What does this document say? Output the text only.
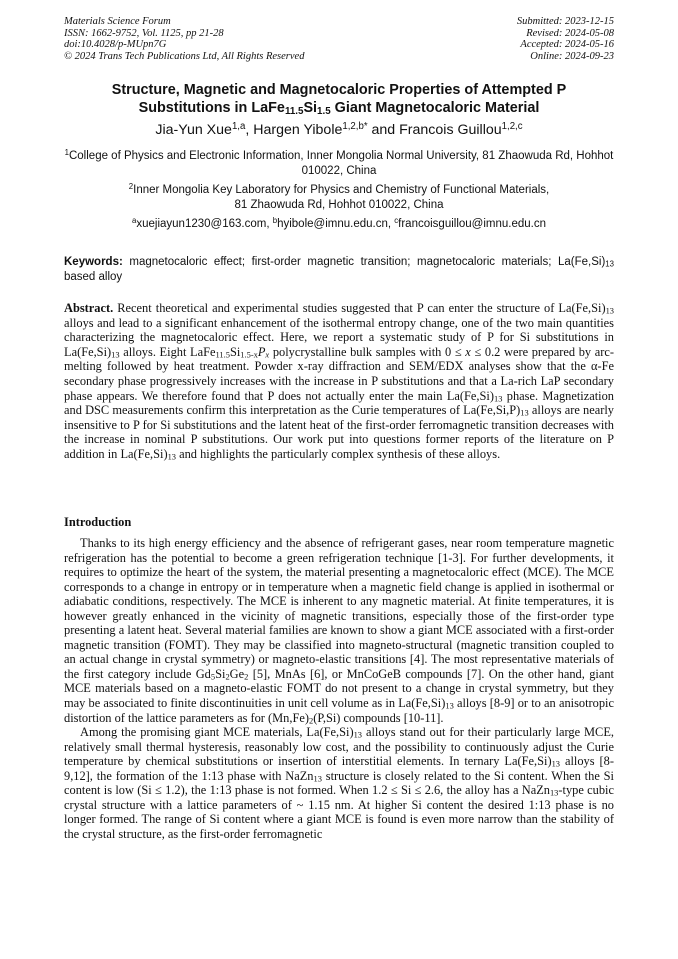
Materials Science Forum
ISSN: 1662-9752, Vol. 1125, pp 21-28
doi:10.4028/p-MUpn7G
© 2024 Trans Tech Publications Ltd, All Rights Reserved
Submitted: 2023-12-15
Revised: 2024-05-08
Accepted: 2024-05-16
Online: 2024-09-23
Structure, Magnetic and Magnetocaloric Properties of Attempted P
Substitutions in $LaFe_{11.5}Si_{1.5}$ Giant Magnetocaloric Material
Jia-Yun Xue$^{1,a}$, Hargen Yibole$^{1,2,b*}$ and Francois Guillou$^{1,2,c}$
$^1$College of Physics and Electronic Information, Inner Mongolia Normal University, 81 Zhaowuda Rd, Hohhot 010022, China
$^2$Inner Mongolia Key Laboratory for Physics and Chemistry of Functional Materials,
81 Zhaowuda Rd, Hohhot 010022, China
$^a$xuejiayun1230@163.com, $^b$hyibole@imnu.edu.cn, $^c$francoisguillou@imnu.edu.cn
Keywords: magnetocaloric effect; first-order magnetic transition; magnetocaloric materials; $La(Fe,Si)_{13}$ based alloy
Abstract. Recent theoretical and experimental studies suggested that P can enter the structure of $La(Fe,Si)_{13}$ alloys and lead to a significant enhancement of the isothermal entropy change, one of the two main quantities characterizing the magnetocaloric effect. Here, we report a systematic study of P for Si substitutions in $La(Fe,Si)_{13}$ alloys. Eight $LaFe_{11.5}Si_{1.5-x}P_x$ polycrystalline bulk samples with 0 ≤ x ≤ 0.2 were prepared by arc-melting followed by heat treatment. Powder x-ray diffraction and SEM/EDX analyses show that the α-Fe secondary phase progressively increases with the increase in P substitutions and that a La-rich LaP secondary phase appears. We therefore found that P does not actually enter the main $La(Fe,Si)_{13}$ phase. Magnetization and DSC measurements confirm this interpretation as the Curie temperatures of $La(Fe,Si,P)_{13}$ alloys are nearly insensitive to P for Si substitutions and the latent heat of the first-order ferromagnetic transition decreases with the increase in nominal P substitutions. Our work put into questions former reports of the literature on P addition in $La(Fe,Si)_{13}$ and highlights the particularly complex synthesis of these alloys.
Introduction

Thanks to its high energy efficiency and the absence of refrigerant gases, near room temperature magnetic refrigeration has the potential to become a green refrigeration technique [1-3]. For further developments, it requires to optimize the heart of the system, the material presenting a magnetocaloric effect (MCE). The MCE corresponds to a change in entropy or in temperature when a magnetic field change is applied in isothermal or adiabatic conditions, respectively. The MCE is inherent to any magnetic material. At finite temperatures, it is however greatly enhanced in the vicinity of magnetic transitions, especially those of the first-order type presenting a latent heat. Several material families are known to show a giant MCE associated with a first-order magnetic transition (FOMT). They may be classified into magneto-structural (magnetic transition coupled to an actual change in crystal symmetry) or magneto-elastic transitions [4]. The most representative materials of the first category include $Gd_5Si_2Ge_2$ [5], MnAs [6], or MnCoGeB compounds [7]. On the other hand, giant MCE materials based on a magneto-elastic FOMT do not present to a change in crystal symmetry, but they may be associated to finite discontinuities in unit cell volume as in $La(Fe,Si)_{13}$ alloys [8-9] or to an anisotropic distortion of the lattice parameters as for $(Mn,Fe)_2(P,Si)$ compounds [10-11].

Among the promising giant MCE materials, $La(Fe,Si)_{13}$ alloys stand out for their particularly large MCE, relatively small thermal hysteresis, reasonably low cost, and the possibility to continuously adjust the Curie temperature by chemical substitutions or insertion of interstitial elements. In ternary $La(Fe,Si)_{13}$ alloys [8-9,12], the formation of the 1:13 phase with NaZn$_{13}$ structure is closely related to the Si content. When the Si content is low (Si ≤ 1.2), the 1:13 phase is not formed. When 1.2 ≤ Si ≤ 2.6, the alloy has a NaZn$_{13}$-type cubic crystal structure with a lattice parameters of ~ 1.15 nm. At higher Si content the desired 1:13 phase is no longer formed. The range of Si content where a giant MCE is found is even more narrow than the stability of the crystal structure, as the first-order ferromagnetic
